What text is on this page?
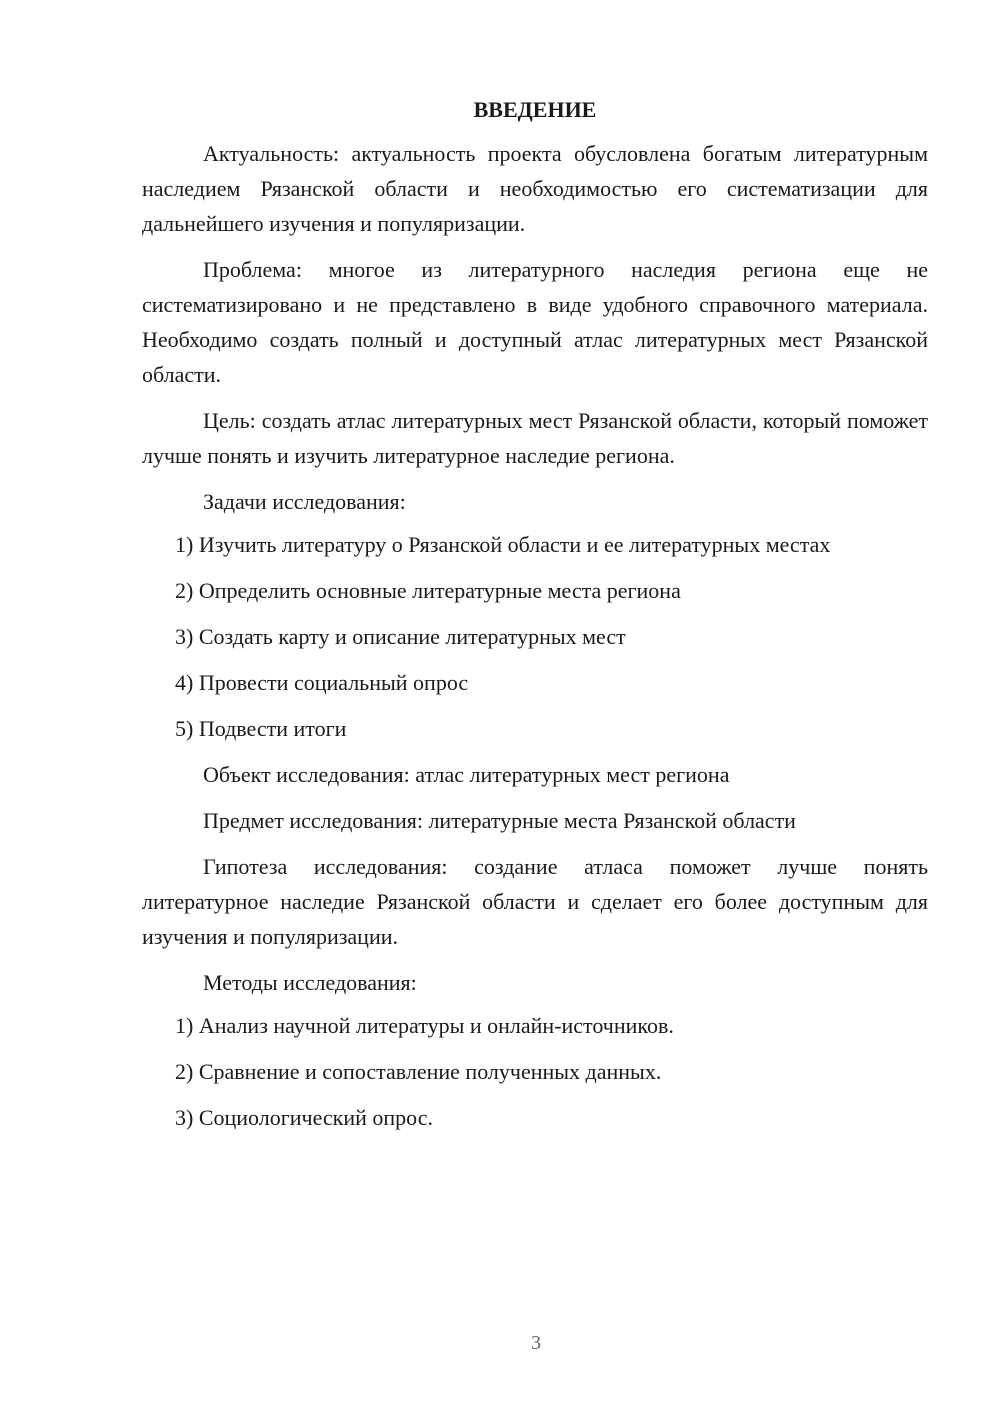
ВВЕДЕНИЕ

Актуальность: актуальность проекта обусловлена богатым литературным наследием Рязанской области и необходимостью его систематизации для дальнейшего изучения и популяризации.

Проблема: многое из литературного наследия региона еще не систематизировано и не представлено в виде удобного справочного материала. Необходимо создать полный и доступный атлас литературных мест Рязанской области.

Цель: создать атлас литературных мест Рязанской области, который поможет лучше понять и изучить литературное наследие региона.

Задачи исследования:

1) Изучить литературу о Рязанской области и ее литературных местах

2) Определить основные литературные места региона

3) Создать карту и описание литературных мест

4) Провести социальный опрос

5) Подвести итоги

Объект исследования: атлас литературных мест региона

Предмет исследования: литературные места Рязанской области

Гипотеза исследования: создание атласа поможет лучше понять литературное наследие Рязанской области и сделает его более доступным для изучения и популяризации.

Методы исследования:

1) Анализ научной литературы и онлайн-источников.

2) Сравнение и сопоставление полученных данных.

3) Социологический опрос.

3
